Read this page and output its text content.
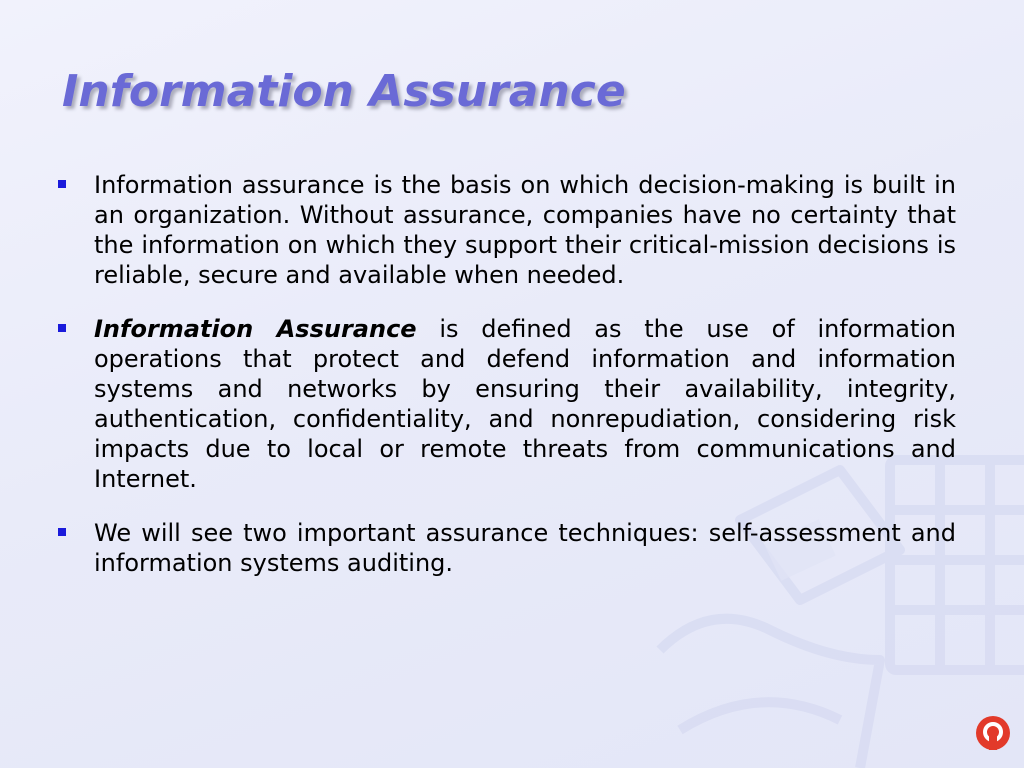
Information Assurance
Information assurance is the basis on which decision-making is built in an organization. Without assurance, companies have no certainty that the information on which they support their critical-mission decisions is reliable, secure and available when needed.
Information Assurance is defined as the use of information operations that protect and defend information and information systems and networks by ensuring their availability, integrity, authentication, confidentiality, and nonrepudiation, considering risk impacts due to local or remote threats from communications and Internet.
We will see two important assurance techniques: self-assessment and information systems auditing.
